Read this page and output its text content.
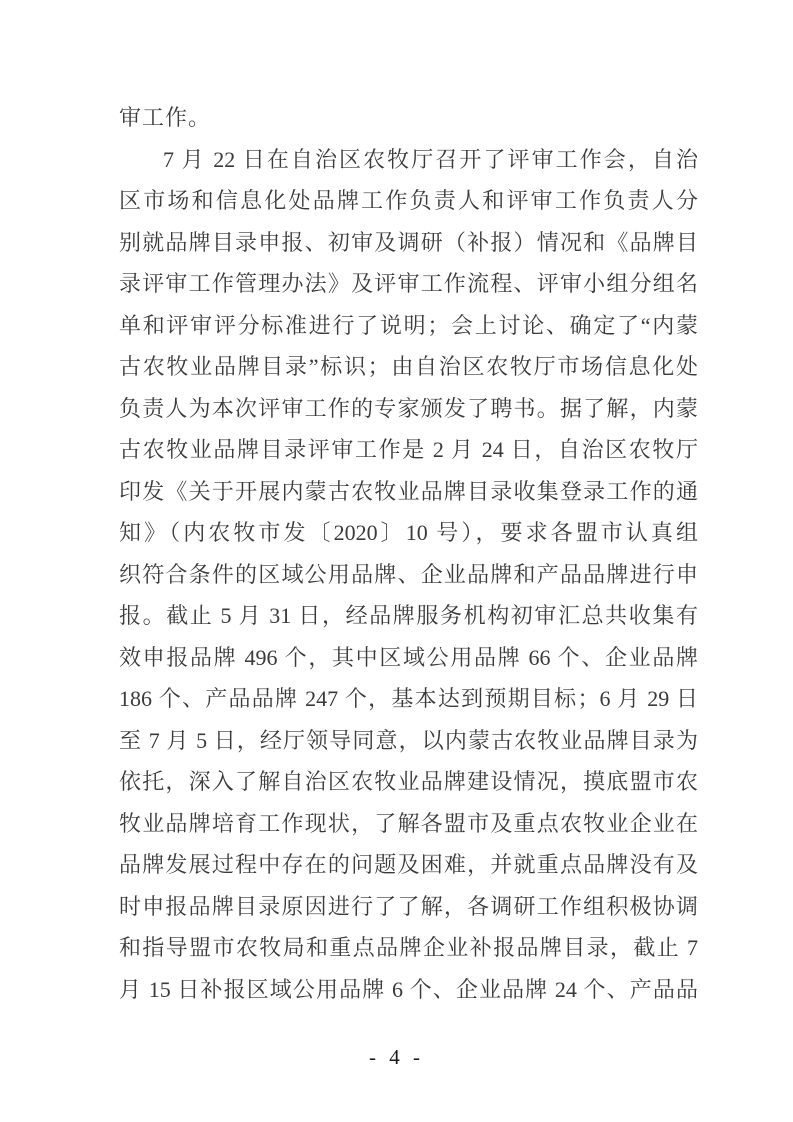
审工作。
7 月 22 日在自治区农牧厅召开了评审工作会，自治
区市场和信息化处品牌工作负责人和评审工作负责人分
别就品牌目录申报、初审及调研（补报）情况和《品牌目
录评审工作管理办法》及评审工作流程、评审小组分组名
单和评审评分标准进行了说明；会上讨论、确定了“内蒙
古农牧业品牌目录”标识；由自治区农牧厅市场信息化处
负责人为本次评审工作的专家颁发了聘书。据了解，内蒙
古农牧业品牌目录评审工作是 2 月 24 日，自治区农牧厅
印发《关于开展内蒙古农牧业品牌目录收集登录工作的通
知》（内农牧市发〔2020〕10 号），要求各盟市认真组
织符合条件的区域公用品牌、企业品牌和产品品牌进行申
报。截止 5 月 31 日，经品牌服务机构初审汇总共收集有
效申报品牌 496 个，其中区域公用品牌 66 个、企业品牌
186 个、产品品牌 247 个，基本达到预期目标；6 月 29 日
至 7 月 5 日，经厅领导同意，以内蒙古农牧业品牌目录为
依托，深入了解自治区农牧业品牌建设情况，摸底盟市农
牧业品牌培育工作现状，了解各盟市及重点农牧业企业在
品牌发展过程中存在的问题及困难，并就重点品牌没有及
时申报品牌目录原因进行了了解，各调研工作组积极协调
和指导盟市农牧局和重点品牌企业补报品牌目录，截止 7
月 15 日补报区域公用品牌 6 个、企业品牌 24 个、产品品
- 4 -
